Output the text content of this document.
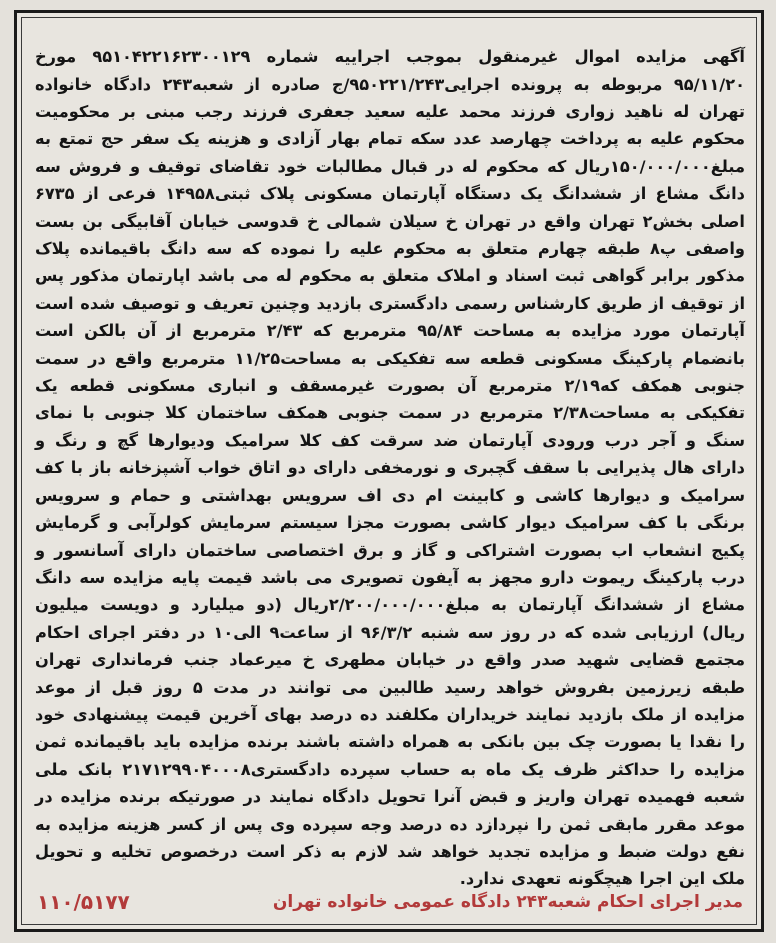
آگهی مزایده اموال غیرمنقول بموجب اجراییه شماره ۹۵۱۰۴۲۲۱۶۲۳۰۰۱۲۹ مورخ ۹۵/۱۱/۲۰ مربوطه به پرونده اجرایی۹۵۰۲۲۱/۲۴۳/ج صادره از شعبه۲۴۳ دادگاه خانواده تهران له ناهید زواری فرزند محمد علیه سعید جعفری فرزند رجب مبنی بر محکومیت محکوم علیه به پرداخت چهارصد عدد سکه تمام بهار آزادی و هزینه یک سفر حج تمتع به مبلغ۱۵۰/۰۰۰/۰۰۰ریال که محکوم له در قبال مطالبات خود تقاضای توقیف و فروش سه دانگ مشاع از ششدانگ یک دستگاه آپارتمان مسکونی پلاک ثبتی۱۴۹۵۸ فرعی از ۶۷۳۵ اصلی بخش۲ تهران واقع در تهران خ سیلان شمالی خ قدوسی خیابان آقابیگی بن بست واصفی پ۸ طبقه چهارم متعلق به محکوم علیه را نموده که سه دانگ باقیمانده پلاک مذکور برابر گواهی ثبت اسناد و املاک متعلق به محکوم له می باشد اپارتمان مذکور پس از توقیف از طریق کارشناس رسمی دادگستری بازدید وچنین تعریف و توصیف شده است آپارتمان مورد مزایده به مساحت ۹۵/۸۴ مترمربع که ۲/۴۳ مترمربع از آن بالکن است بانضمام پارکینگ مسکونی قطعه سه تفکیکی به مساحت۱۱/۲۵ مترمربع واقع در سمت جنوبی همکف که۲/۱۹ مترمربع آن بصورت غیرمسقف و انباری مسکونی قطعه یک تفکیکی به مساحت۲/۳۸ مترمربع در سمت جنوبی همکف ساختمان کلا جنوبی با نمای سنگ و آجر درب ورودی آپارتمان ضد سرقت کف کلا سرامیک ودیوارها گچ و رنگ و دارای هال پذیرایی با سقف گچبری و نورمخفی دارای دو اتاق خواب آشپزخانه باز با کف سرامیک و دیوارها کاشی و کابینت ام دی اف سرویس بهداشتی و حمام و سرویس برنگی با کف سرامیک دیوار کاشی بصورت مجزا سیستم سرمایش کولرآبی و گرمایش پکیج انشعاب اب بصورت اشتراکی و گاز و برق اختصاصی ساختمان دارای آسانسور و درب پارکینگ ریموت دارو مجهز به آیفون تصویری می باشد قیمت پایه مزایده سه دانگ مشاع از ششدانگ آپارتمان به مبلغ۲/۲۰۰/۰۰۰/۰۰۰ریال (دو میلیارد و دویست میلیون ریال) ارزیابی شده که در روز سه شنبه ۹۶/۳/۲ از ساعت۹ الی۱۰ در دفتر اجرای احکام مجتمع قضایی شهید صدر واقع در خیابان مطهری خ میرعماد جنب فرمانداری تهران طبقه زیرزمین بفروش خواهد رسید طالبین می توانند در مدت ۵ روز قبل از موعد مزایده از ملک بازدید نمایند خریداران مکلفند ده درصد بهای آخرین قیمت پیشنهادی خود را نقدا یا بصورت چک بین بانکی به همراه داشته باشند برنده مزایده باید باقیمانده ثمن مزایده را حداکثر ظرف یک ماه به حساب سپرده دادگستری۲۱۷۱۲۹۹۰۴۰۰۰۸ بانک ملی شعبه فهمیده تهران واریز و قبض آنرا تحویل دادگاه نمایند در صورتیکه برنده مزایده در موعد مقرر مابقی ثمن را نپردازد ده درصد وجه سپرده وی پس از کسر هزینه مزایده به نفع دولت ضبط و مزایده تجدید خواهد شد لازم به ذکر است درخصوص تخلیه و تحویل ملک این اجرا هیچگونه تعهدی ندارد.

مدیر اجرای احکام شعبه۲۴۳ دادگاه عمومی خانواده تهران
۱۱۰/۵۱۷۷
